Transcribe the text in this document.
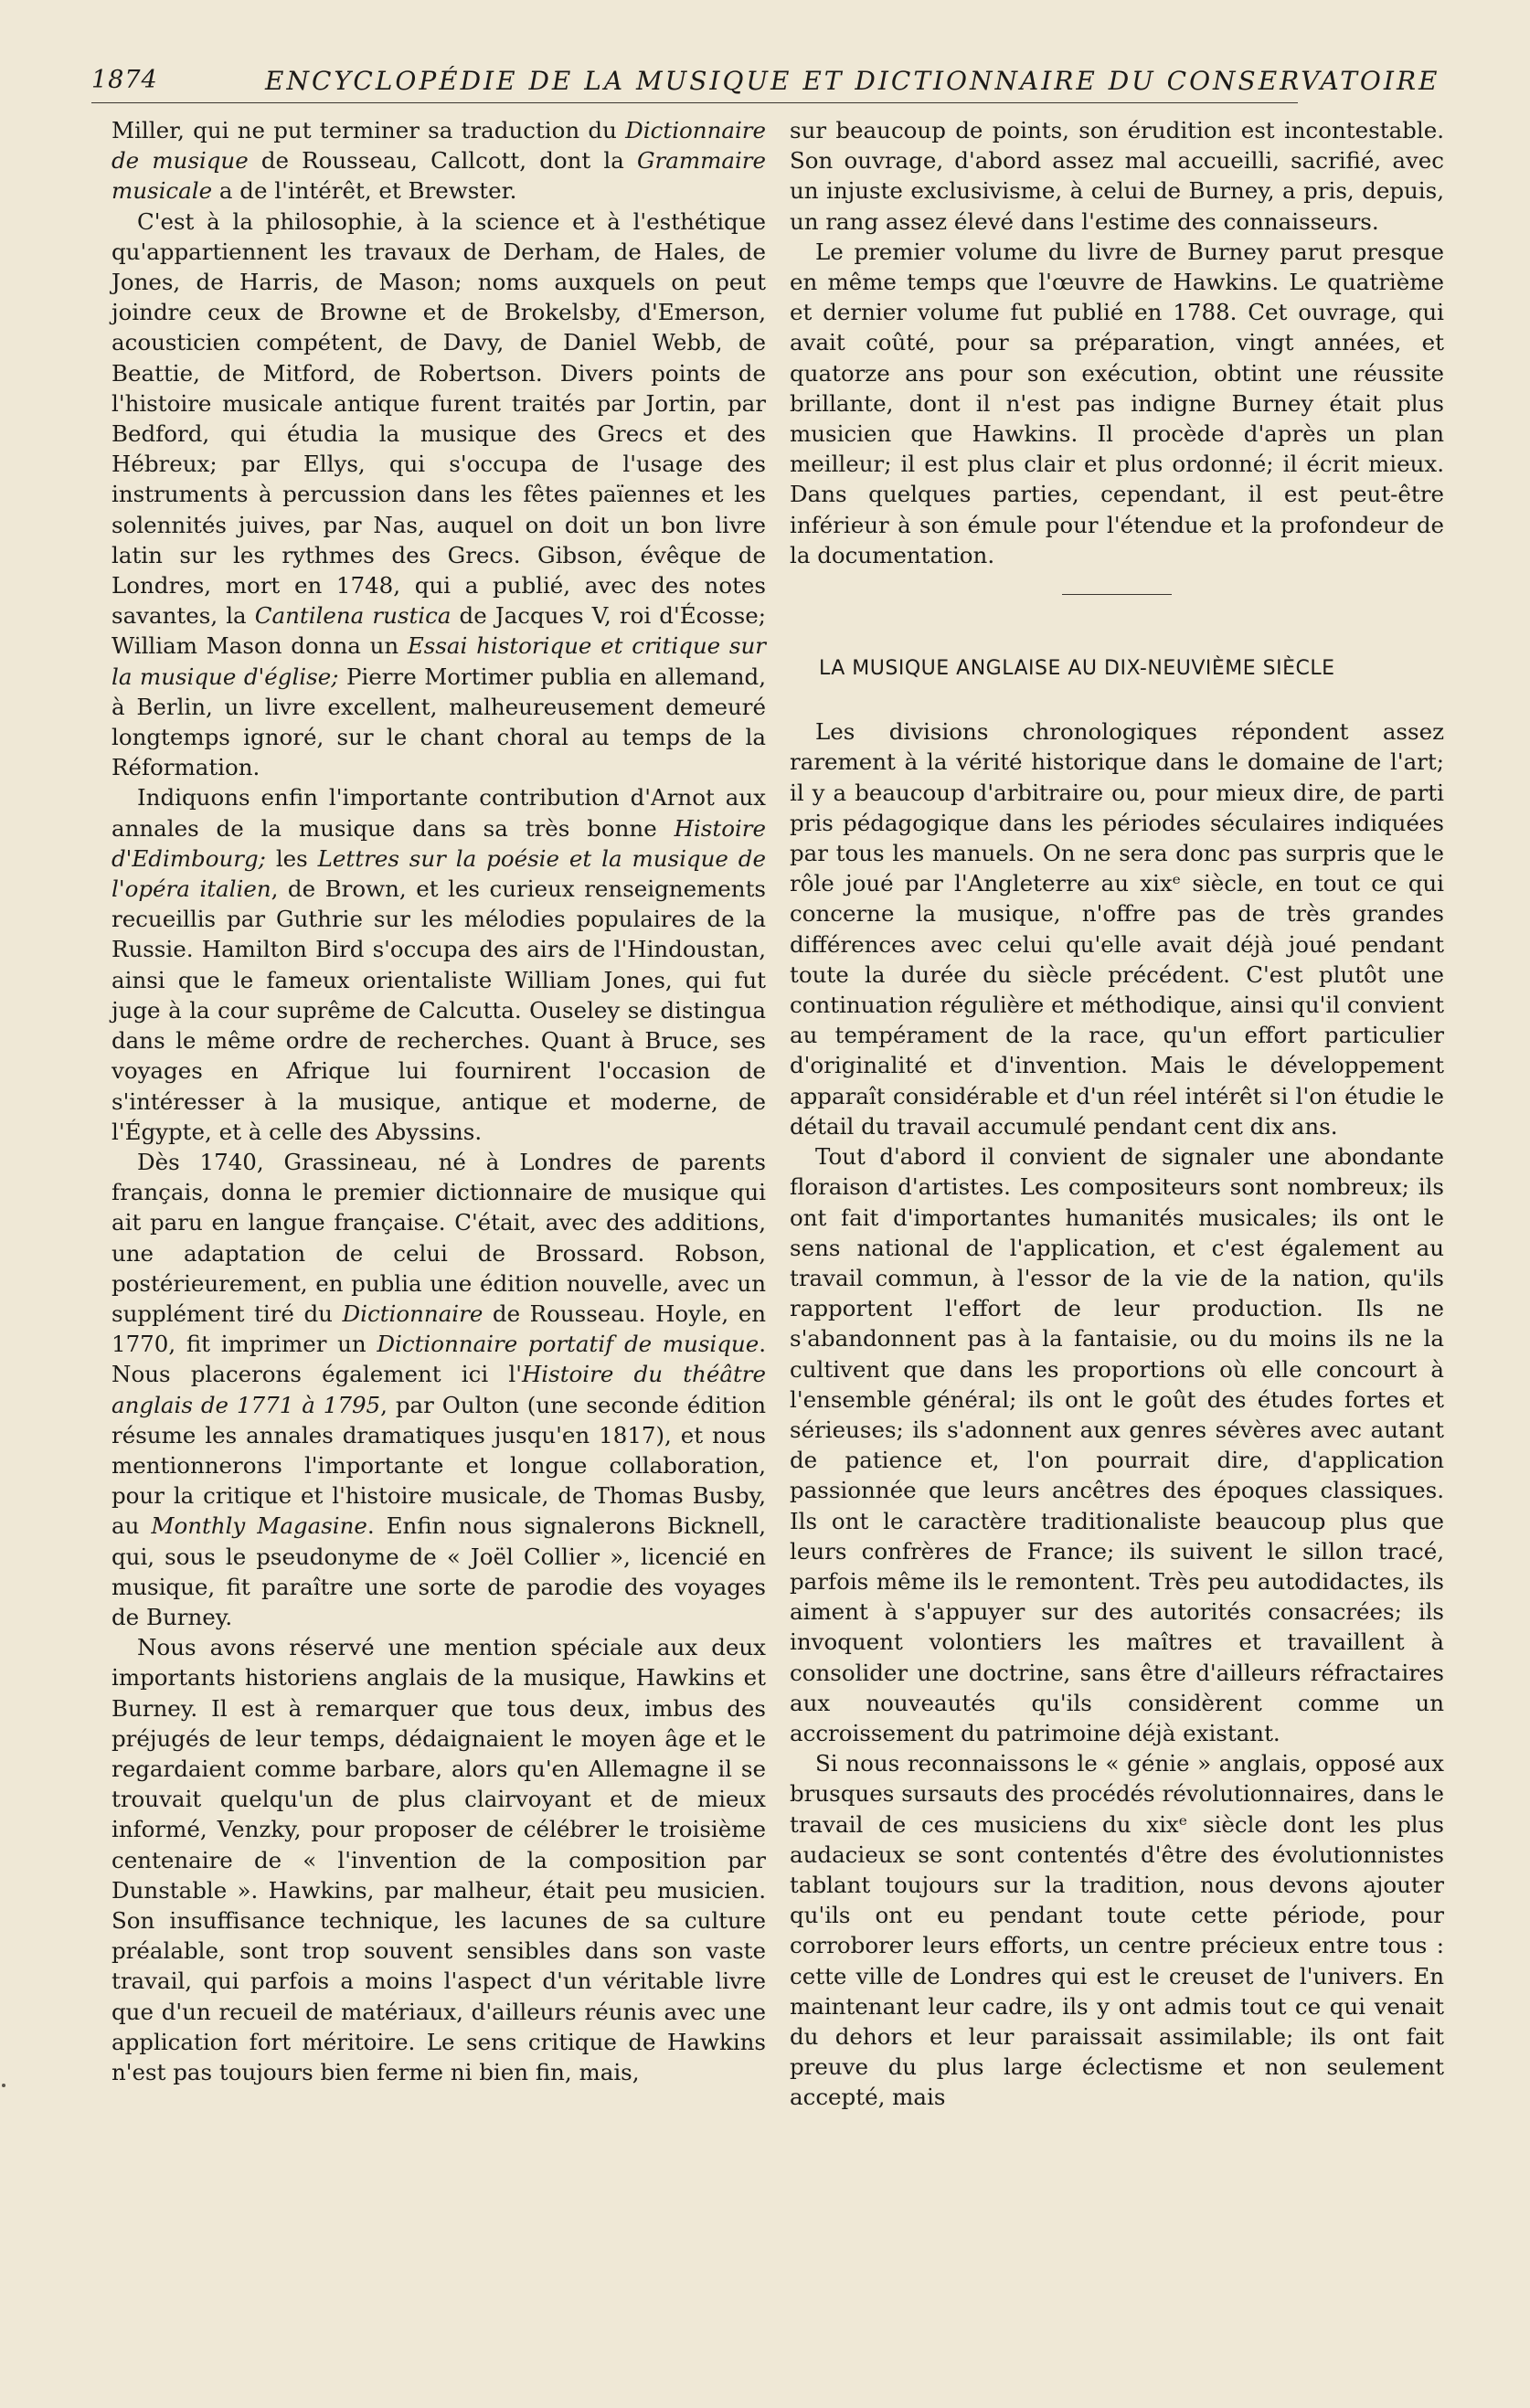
1874	ENCYCLOPÉDIE DE LA MUSIQUE ET DICTIONNAIRE DU CONSERVATOIRE

Miller, qui ne put terminer sa traduction du Dictionnaire de musique de Rousseau, Callcott, dont la Grammaire musicale a de l'intérêt, et Brewster.

C'est à la philosophie, à la science et à l'esthétique qu'appartiennent les travaux de Derham, de Hales, de Jones, de Harris, de Mason; noms auxquels on peut joindre ceux de Browne et de Brokelsby, d'Emerson, acousticien compétent, de Davy, de Daniel Webb, de Beattie, de Mitford, de Robertson. Divers points de l'histoire musicale antique furent traités par Jortin, par Bedford, qui étudia la musique des Grecs et des Hébreux; par Ellys, qui s'occupa de l'usage des instruments à percussion dans les fêtes païennes et les solennités juives, par Nas, auquel on doit un bon livre latin sur les rythmes des Grecs. Gibson, évêque de Londres, mort en 1748, qui a publié, avec des notes savantes, la Cantilena rustica de Jacques V, roi d'Écosse; William Mason donna un Essai historique et critique sur la musique d'église; Pierre Mortimer publia en allemand, à Berlin, un livre excellent, malheureusement demeuré longtemps ignoré, sur le chant choral au temps de la Réformation.

Indiquons enfin l'importante contribution d'Arnot aux annales de la musique dans sa très bonne Histoire d'Edimbourg; les Lettres sur la poésie et la musique de l'opéra italien, de Brown, et les curieux renseignements recueillis par Guthrie sur les mélodies populaires de la Russie. Hamilton Bird s'occupa des airs de l'Hindoustan, ainsi que le fameux orientaliste William Jones, qui fut juge à la cour suprême de Calcutta. Ouseley se distingua dans le même ordre de recherches. Quant à Bruce, ses voyages en Afrique lui fournirent l'occasion de s'intéresser à la musique, antique et moderne, de l'Égypte, et à celle des Abyssins.

Dès 1740, Grassineau, né à Londres de parents français, donna le premier dictionnaire de musique qui ait paru en langue française. C'était, avec des additions, une adaptation de celui de Brossard. Robson, postérieurement, en publia une édition nouvelle, avec un supplément tiré du Dictionnaire de Rousseau. Hoyle, en 1770, fit imprimer un Dictionnaire portatif de musique. Nous placerons également ici l'Histoire du théâtre anglais de 1771 à 1795, par Oulton (une seconde édition résume les annales dramatiques jusqu'en 1817), et nous mentionnerons l'importante et longue collaboration, pour la critique et l'histoire musicale, de Thomas Busby, au Monthly Magasine. Enfin nous signalerons Bicknell, qui, sous le pseudonyme de « Joël Collier », licencié en musique, fit paraître une sorte de parodie des voyages de Burney.

Nous avons réservé une mention spéciale aux deux importants historiens anglais de la musique, Hawkins et Burney. Il est à remarquer que tous deux, imbus des préjugés de leur temps, dédaignaient le moyen âge et le regardaient comme barbare, alors qu'en Allemagne il se trouvait quelqu'un de plus clairvoyant et de mieux informé, Venzky, pour proposer de célébrer le troisième centenaire de « l'invention de la composition par Dunstable ». Hawkins, par malheur, était peu musicien. Son insuffisance technique, les lacunes de sa culture préalable, sont trop souvent sensibles dans son vaste travail, qui parfois a moins l'aspect d'un véritable livre que d'un recueil de matériaux, d'ailleurs réunis avec une application fort méritoire. Le sens critique de Hawkins n'est pas toujours bien ferme ni bien fin, mais,

sur beaucoup de points, son érudition est incontestable. Son ouvrage, d'abord assez mal accueilli, sacrifié, avec un injuste exclusivisme, à celui de Burney, a pris, depuis, un rang assez élevé dans l'estime des connaisseurs.

Le premier volume du livre de Burney parut presque en même temps que l'œuvre de Hawkins. Le quatrième et dernier volume fut publié en 1788. Cet ouvrage, qui avait coûté, pour sa préparation, vingt années, et quatorze ans pour son exécution, obtint une réussite brillante, dont il n'est pas indigne Burney était plus musicien que Hawkins. Il procède d'après un plan meilleur; il est plus clair et plus ordonné; il écrit mieux. Dans quelques parties, cependant, il est peut-être inférieur à son émule pour l'étendue et la profondeur de la documentation.

LA MUSIQUE ANGLAISE AU DIX-NEUVIÈME SIÈCLE

Les divisions chronologiques répondent assez rarement à la vérité historique dans le domaine de l'art; il y a beaucoup d'arbitraire ou, pour mieux dire, de parti pris pédagogique dans les périodes séculaires indiquées par tous les manuels. On ne sera donc pas surpris que le rôle joué par l'Angleterre au xixᵉ siècle, en tout ce qui concerne la musique, n'offre pas de très grandes différences avec celui qu'elle avait déjà joué pendant toute la durée du siècle précédent. C'est plutôt une continuation régulière et méthodique, ainsi qu'il convient au tempérament de la race, qu'un effort particulier d'originalité et d'invention. Mais le développement apparaît considérable et d'un réel intérêt si l'on étudie le détail du travail accumulé pendant cent dix ans.

Tout d'abord il convient de signaler une abondante floraison d'artistes. Les compositeurs sont nombreux; ils ont fait d'importantes humanités musicales; ils ont le sens national de l'application, et c'est également au travail commun, à l'essor de la vie de la nation, qu'ils rapportent l'effort de leur production. Ils ne s'abandonnent pas à la fantaisie, ou du moins ils ne la cultivent que dans les proportions où elle concourt à l'ensemble général; ils ont le goût des études fortes et sérieuses; ils s'adonnent aux genres sévères avec autant de patience et, l'on pourrait dire, d'application passionnée que leurs ancêtres des époques classiques. Ils ont le caractère traditionaliste beaucoup plus que leurs confrères de France; ils suivent le sillon tracé, parfois même ils le remontent. Très peu autodidactes, ils aiment à s'appuyer sur des autorités consacrées; ils invoquent volontiers les maîtres et travaillent à consolider une doctrine, sans être d'ailleurs réfractaires aux nouveautés qu'ils considèrent comme un accroissement du patrimoine déjà existant.

Si nous reconnaissons le « génie » anglais, opposé aux brusques sursauts des procédés révolutionnaires, dans le travail de ces musiciens du xixᵉ siècle dont les plus audacieux se sont contentés d'être des évolutionnistes tablant toujours sur la tradition, nous devons ajouter qu'ils ont eu pendant toute cette période, pour corroborer leurs efforts, un centre précieux entre tous : cette ville de Londres qui est le creuset de l'univers. En maintenant leur cadre, ils y ont admis tout ce qui venait du dehors et leur paraissait assimilable; ils ont fait preuve du plus large éclectisme et non seulement accepté, mais
